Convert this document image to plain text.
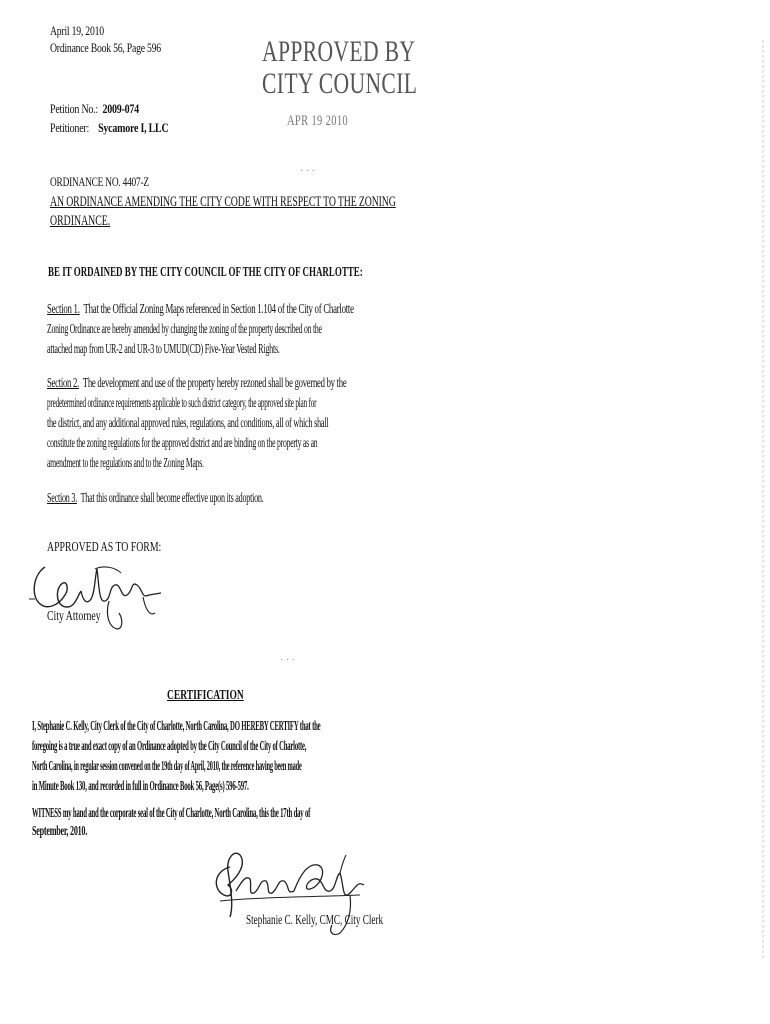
April 19, 2010
Ordinance Book 56, Page 596	APPROVED BY
CITY COUNCIL
APR 19 2010
Petition No.: 2009-074
Petitioner: Sycamore I, LLC
ORDINANCE NO. 4407-Z
AN ORDINANCE AMENDING THE CITY CODE WITH RESPECT TO THE ZONING
ORDINANCE.
BE IT ORDAINED BY THE CITY COUNCIL OF THE CITY OF CHARLOTTE:
Section 1. That the Official Zoning Maps referenced in Section 1.104 of the City of Charlotte
Zoning Ordinance are hereby amended by changing the zoning of the property described on the
attached map from UR-2 and UR-3 to UMUD(CD) Five-Year Vested Rights.
Section 2. The development and use of the property hereby rezoned shall be governed by the
predetermined ordinance requirements applicable to such district category, the approved site plan for
the district, and any additional approved rules, regulations, and conditions, all of which shall
constitute the zoning regulations for the approved district and are binding on the property as an
amendment to the regulations and to the Zoning Maps.
Section 3. That this ordinance shall become effective upon its adoption.
APPROVED AS TO FORM:
City Attorney
CERTIFICATION
I, Stephanie C. Kelly, City Clerk of the City of Charlotte, North Carolina, DO HEREBY CERTIFY that the
foregoing is a true and exact copy of an Ordinance adopted by the City Council of the City of Charlotte,
North Carolina, in regular session convened on the 19th day of April, 2010, the reference having been made
in Minute Book 130, and recorded in full in Ordinance Book 56, Page(s) 596-597.
WITNESS my hand and the corporate seal of the City of Charlotte, North Carolina, this the 17th day of
September, 2010.
Stephanie C. Kelly, CMC, City Clerk
· · ·
· · ·
